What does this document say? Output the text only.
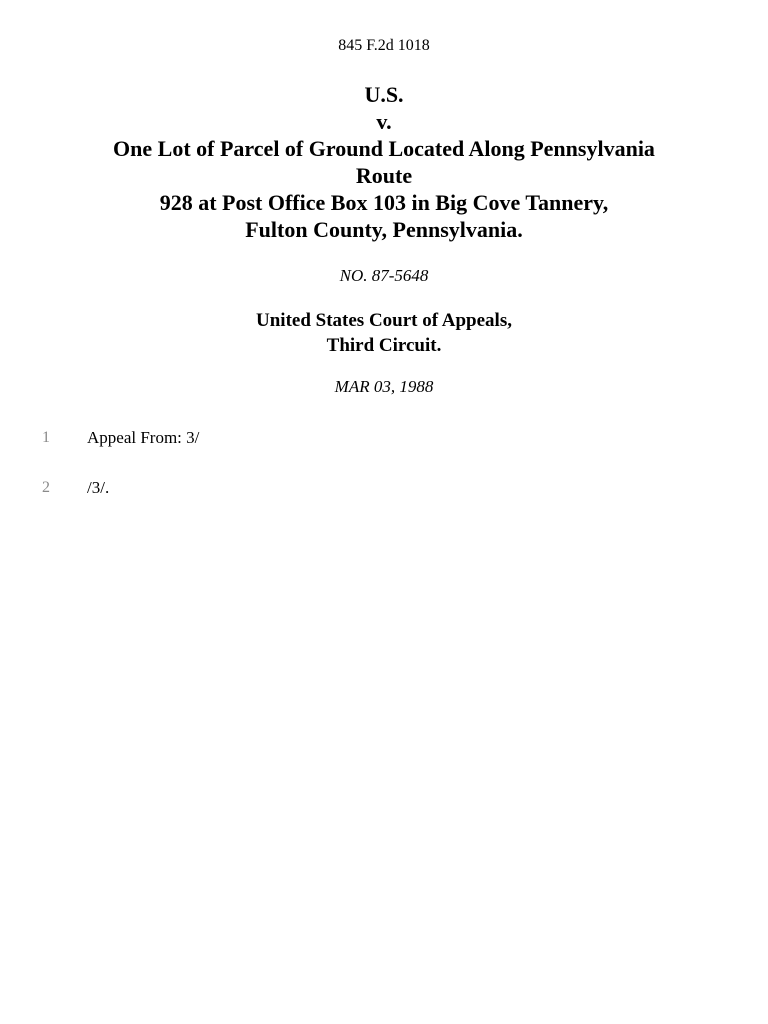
845 F.2d 1018
U.S.
v.
One Lot of Parcel of Ground Located Along Pennsylvania
Route
928 at Post Office Box 103 in Big Cove Tannery,
Fulton County, Pennsylvania.
NO. 87-5648
United States Court of Appeals,
Third Circuit.
MAR 03, 1988
1	Appeal From: 3/
2	/3/.
